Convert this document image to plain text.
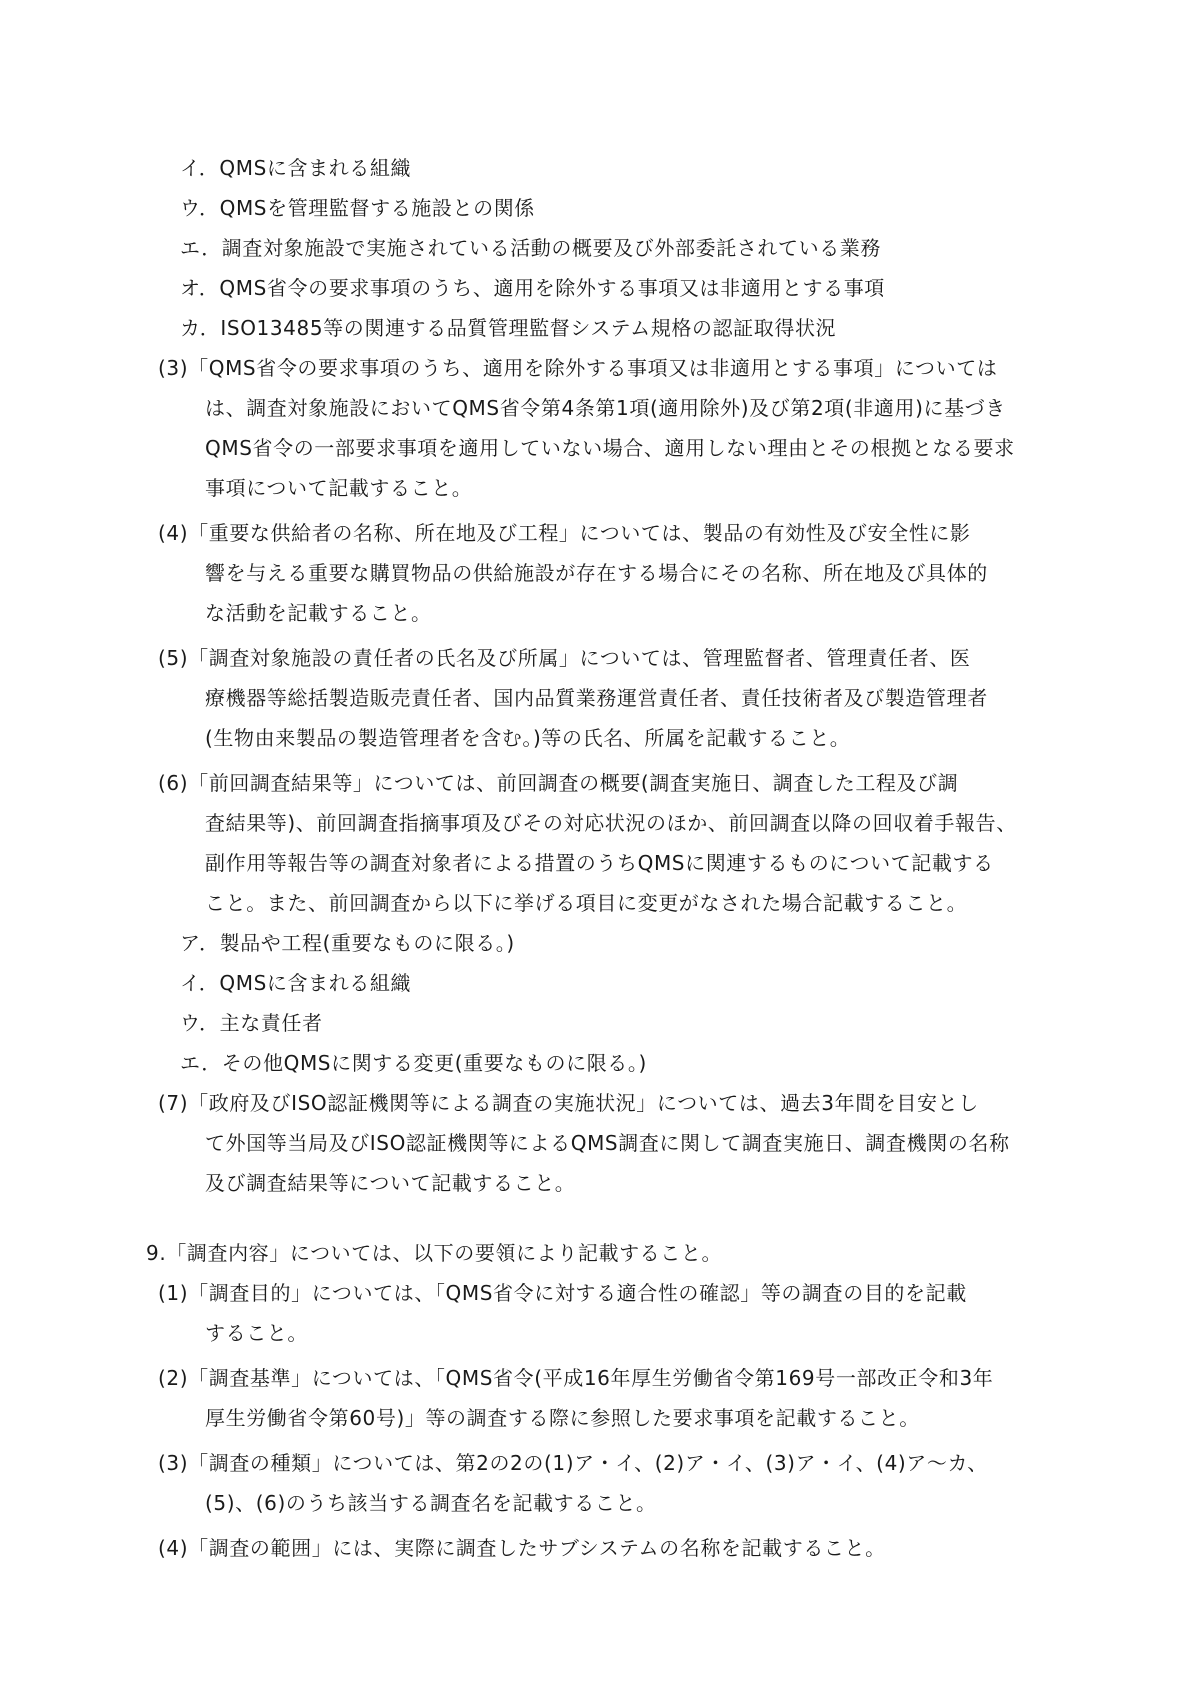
イ．QMSに含まれる組織
ウ．QMSを管理監督する施設との関係
エ．調査対象施設で実施されている活動の概要及び外部委託されている業務
オ．QMS省令の要求事項のうち、適用を除外する事項又は非適用とする事項
カ．ISO13485等の関連する品質管理監督システム規格の認証取得状況
(3)「QMS省令の要求事項のうち、適用を除外する事項又は非適用とする事項」については
は、調査対象施設においてQMS省令第4条第1項(適用除外)及び第2項(非適用)に基づき
QMS省令の一部要求事項を適用していない場合、適用しない理由とその根拠となる要求
事項について記載すること。
(4)「重要な供給者の名称、所在地及び工程」については、製品の有効性及び安全性に影
響を与える重要な購買物品の供給施設が存在する場合にその名称、所在地及び具体的
な活動を記載すること。
(5)「調査対象施設の責任者の氏名及び所属」については、管理監督者、管理責任者、医
療機器等総括製造販売責任者、国内品質業務運営責任者、責任技術者及び製造管理者
(生物由来製品の製造管理者を含む。)等の氏名、所属を記載すること。
(6)「前回調査結果等」については、前回調査の概要(調査実施日、調査した工程及び調
査結果等)、前回調査指摘事項及びその対応状況のほか、前回調査以降の回収着手報告、
副作用等報告等の調査対象者による措置のうちQMSに関連するものについて記載する
こと。また、前回調査から以下に挙げる項目に変更がなされた場合記載すること。
ア．製品や工程(重要なものに限る。)
イ．QMSに含まれる組織
ウ．主な責任者
エ．その他QMSに関する変更(重要なものに限る。)
(7)「政府及びISO認証機関等による調査の実施状況」については、過去3年間を目安とし
て外国等当局及びISO認証機関等によるQMS調査に関して調査実施日、調査機関の名称
及び調査結果等について記載すること。
9.「調査内容」については、以下の要領により記載すること。
(1)「調査目的」については、「QMS省令に対する適合性の確認」等の調査の目的を記載
すること。
(2)「調査基準」については、「QMS省令(平成16年厚生労働省令第169号一部改正令和3年
厚生労働省令第60号)」等の調査する際に参照した要求事項を記載すること。
(3)「調査の種類」については、第2の2の(1)ア・イ、(2)ア・イ、(3)ア・イ、(4)ア～カ、
(5)、(6)のうち該当する調査名を記載すること。
(4)「調査の範囲」には、実際に調査したサブシステムの名称を記載すること。
